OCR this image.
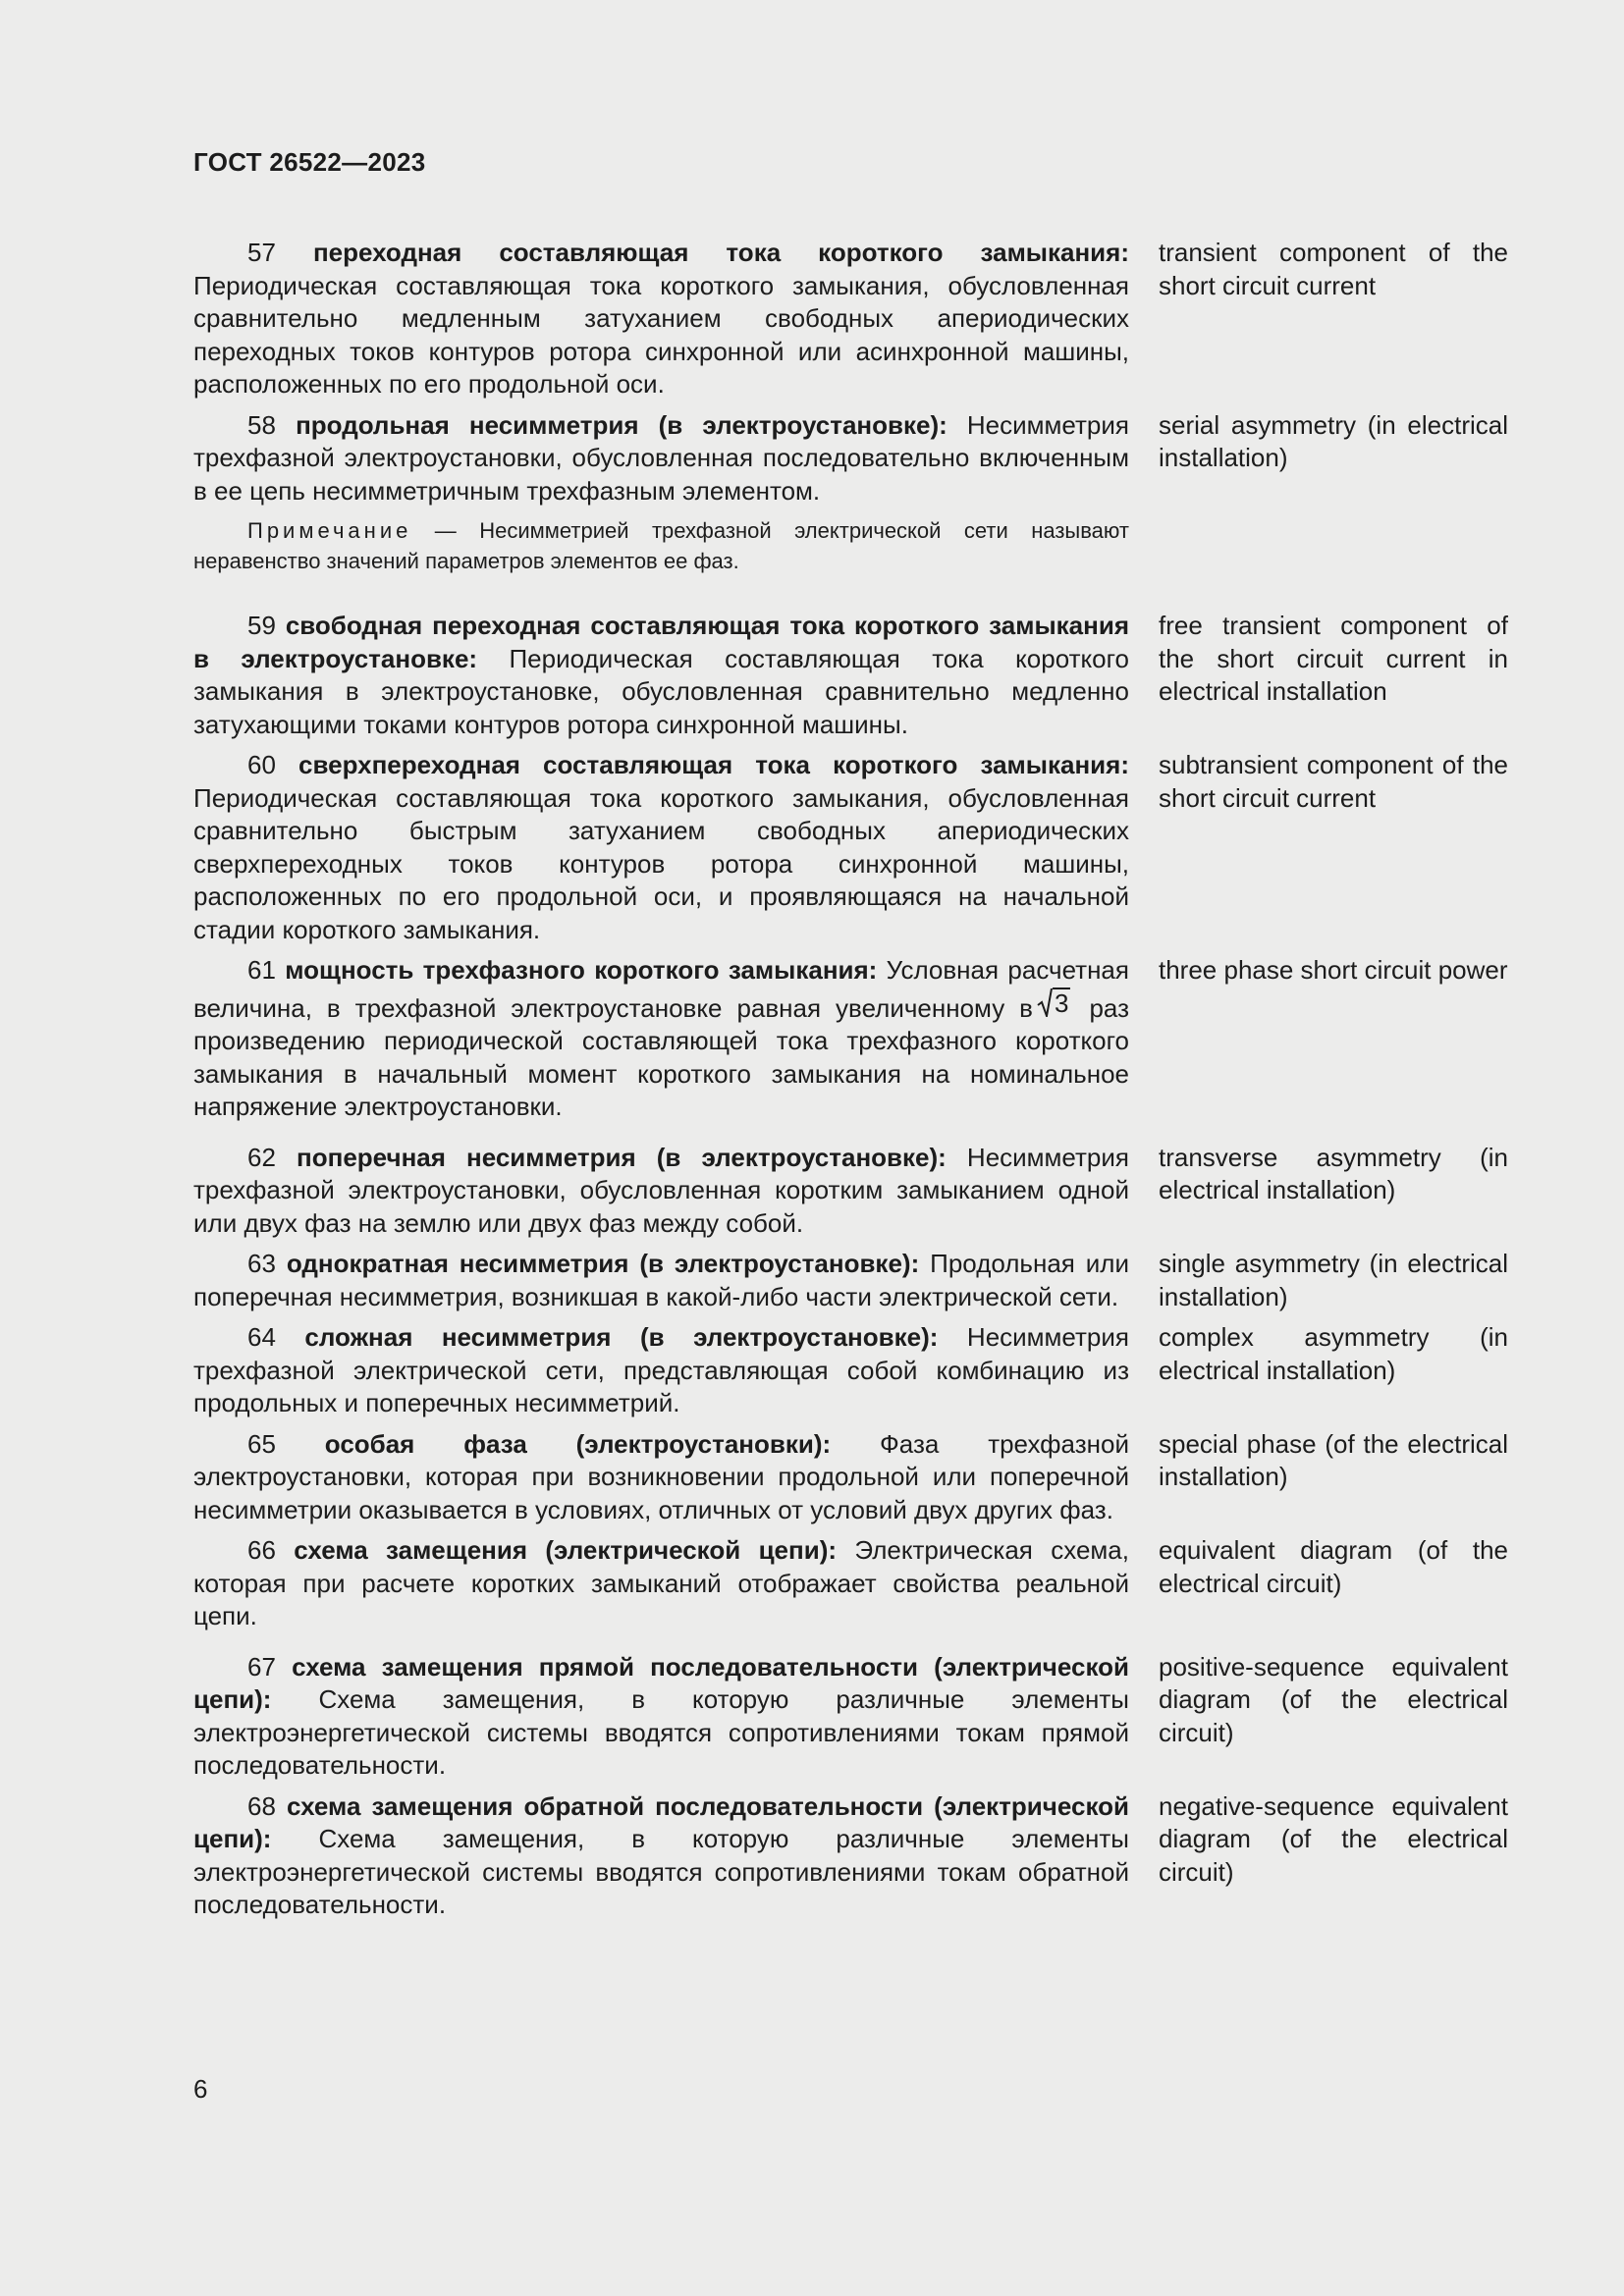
ГОСТ 26522—2023
57 переходная составляющая тока короткого замыкания: Периодическая составляющая тока короткого замыкания, обусловленная сравнительно медленным затуханием свободных апериодических переходных токов контуров ротора синхронной или асинхронной машины, расположенных по его продольной оси.
transient component of the short circuit current
58 продольная несимметрия (в электроустановке): Несимметрия трехфазной электроустановки, обусловленная последовательно включенным в ее цепь несимметричным трехфазным элементом.
serial asymmetry (in electrical installation)
Примечание — Несимметрией трехфазной электрической сети называют неравенство значений параметров элементов ее фаз.
59 свободная переходная составляющая тока короткого замыкания в электроустановке: Периодическая составляющая тока короткого замыкания в электроустановке, обусловленная сравнительно медленно затухающими токами контуров ротора синхронной машины.
free transient component of the short circuit current in electrical installation
60 сверхпереходная составляющая тока короткого замыкания: Периодическая составляющая тока короткого замыкания, обусловленная сравнительно быстрым затуханием свободных апериодических сверхпереходных токов контуров ротора синхронной машины, расположенных по его продольной оси, и проявляющаяся на начальной стадии короткого замыкания.
subtransient component of the short circuit current
61 мощность трехфазного короткого замыкания: Условная расчетная величина, в трехфазной электроустановке равная увеличенному в 3 раз произведению периодической составляющей тока трехфазного короткого замыкания в начальный момент короткого замыкания на номинальное напряжение электроустановки.
three phase short circuit power
62 поперечная несимметрия (в электроустановке): Несимметрия трехфазной электроустановки, обусловленная коротким замыканием одной или двух фаз на землю или двух фаз между собой.
transverse asymmetry (in electrical installation)
63 однократная несимметрия (в электроустановке): Продольная или поперечная несимметрия, возникшая в какой-либо части электрической сети.
single asymmetry (in electrical installation)
64 сложная несимметрия (в электроустановке): Несимметрия трехфазной электрической сети, представляющая собой комбинацию из продольных и поперечных несимметрий.
complex asymmetry (in electrical installation)
65 особая фаза (электроустановки): Фаза трехфазной электроустановки, которая при возникновении продольной или поперечной несимметрии оказывается в условиях, отличных от условий двух других фаз.
special phase (of the electrical installation)
66 схема замещения (электрической цепи): Электрическая схема, которая при расчете коротких замыканий отображает свойства реальной цепи.
equivalent diagram (of the electrical circuit)
67 схема замещения прямой последовательности (электрической цепи): Схема замещения, в которую различные элементы электроэнергетической системы вводятся сопротивлениями токам прямой последовательности.
positive-sequence equivalent diagram (of the electrical circuit)
68 схема замещения обратной последовательности (электрической цепи): Схема замещения, в которую различные элементы электроэнергетической системы вводятся сопротивлениями токам обратной последовательности.
negative-sequence equivalent diagram (of the electrical circuit)
6
